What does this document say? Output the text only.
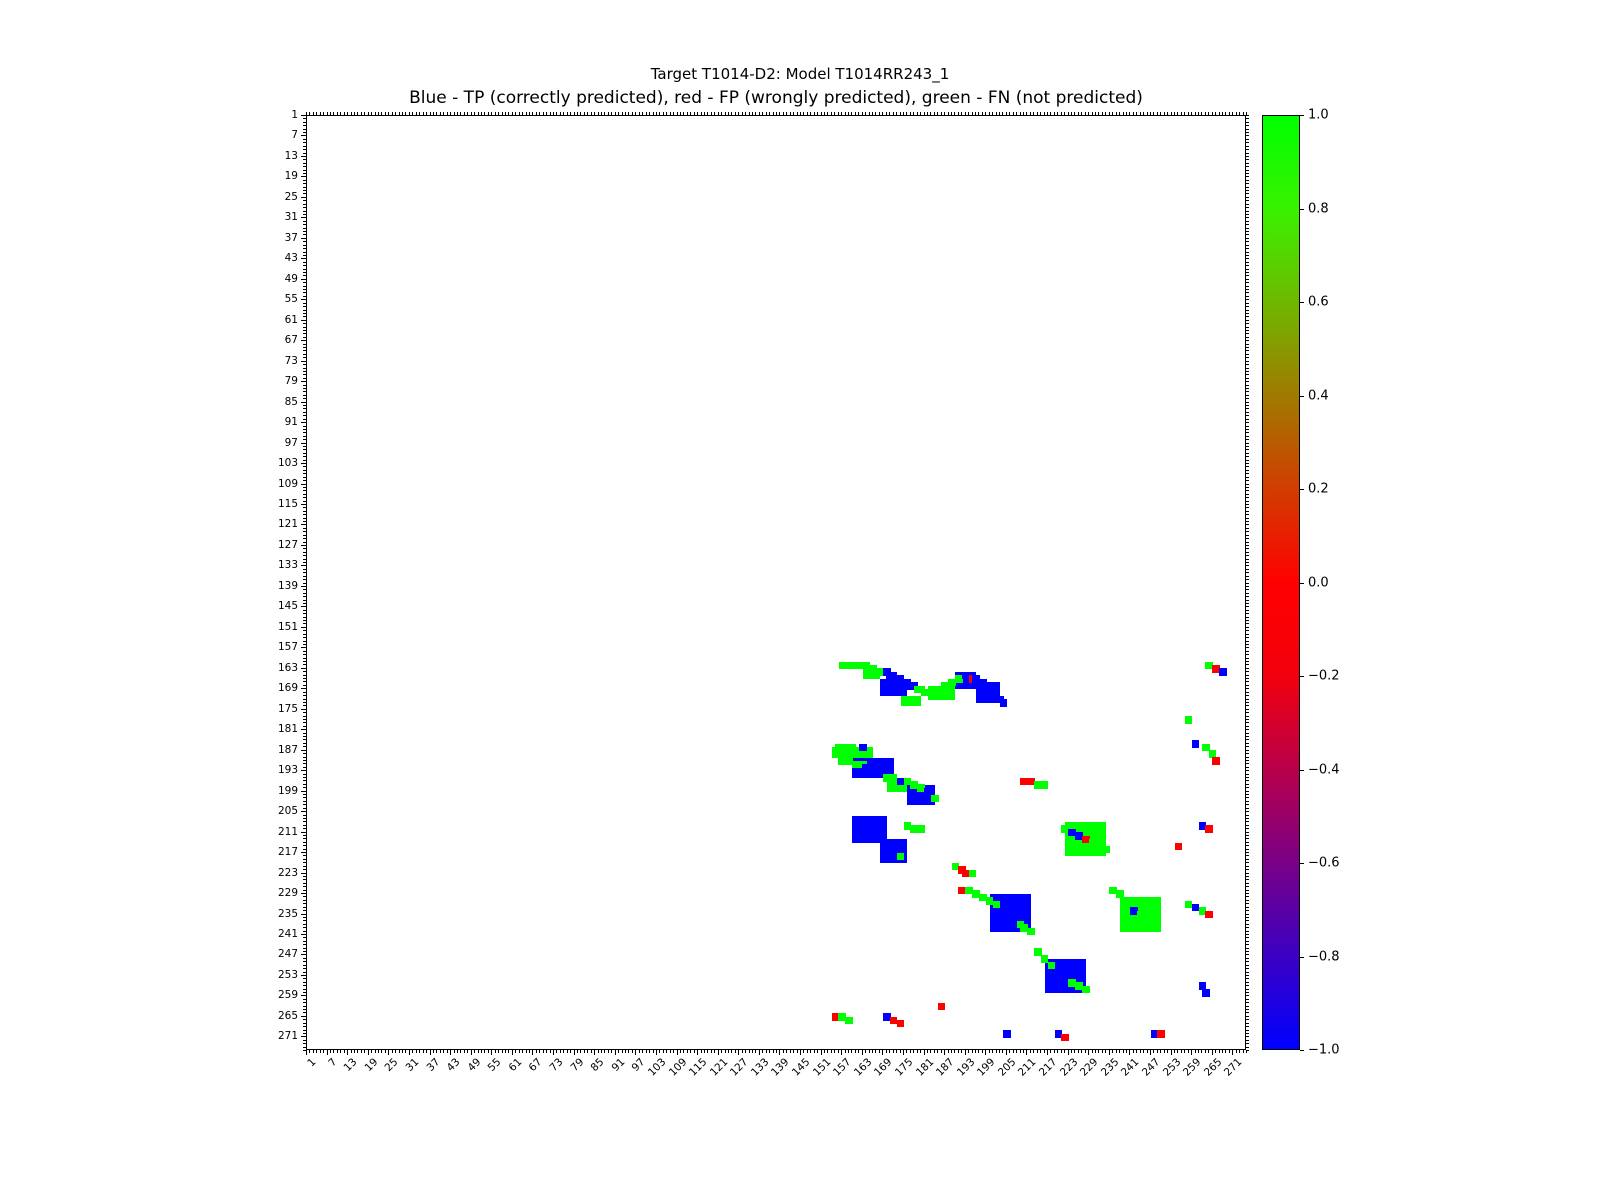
Target T1014-D2: Model T1014RR243_1

Blue - TP (correctly predicted), red - FP (wrongly predicted), green - FN (not predicted)
1
7
13
19
25
31
37
43
49
55
61
67
73
79
85
91
97
103
109
115
121
127
133
139
145
151
157
163
169
175
181
187
193
199
205
211
217
223
229
235
241
247
253
259
265
271
1 7 13 19 25 31 37 43 49 55 61 67 73 79 85 91 97
103
109
115
121
127
133
139
145
151
157
163
169
175
181
187
193
199
205
211
217
223
229
235
241
247
253
259
265
271
1.0
0.8
0.6
0.4
0.2
0.0
−0.2
−0.4
−0.6
−0.8
−1.0
